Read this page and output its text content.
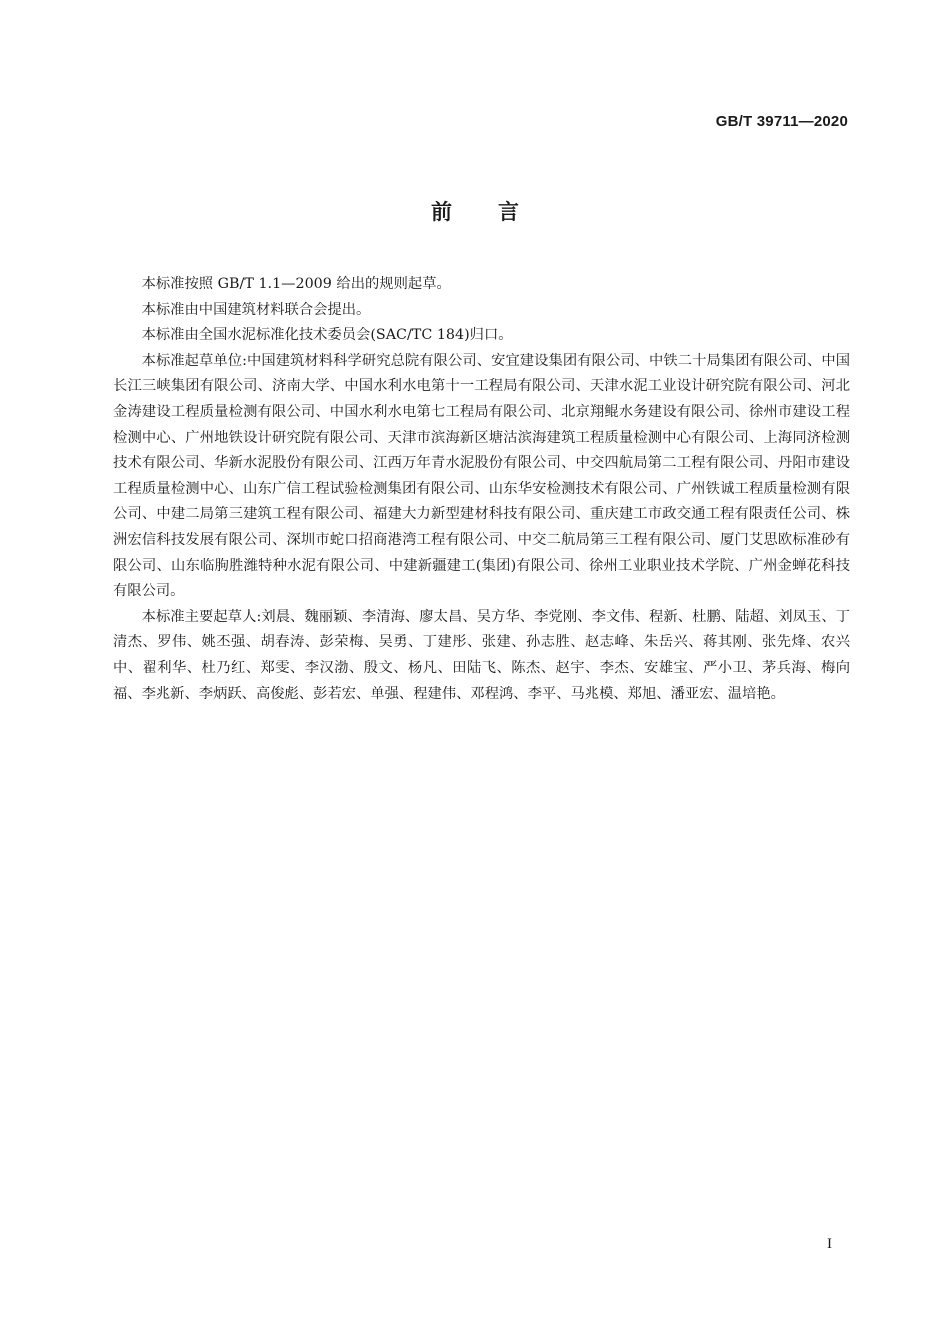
GB/T 39711—2020
前言

本标准按照 GB/T 1.1—2009 给出的规则起草。

本标准由中国建筑材料联合会提出。

本标准由全国水泥标准化技术委员会(SAC/TC 184)归口。

本标准起草单位:中国建筑材料科学研究总院有限公司、安宜建设集团有限公司、中铁二十局集团有限公司、中国长江三峡集团有限公司、济南大学、中国水利水电第十一工程局有限公司、天津水泥工业设计研究院有限公司、河北金涛建设工程质量检测有限公司、中国水利水电第七工程局有限公司、北京翔鲲水务建设有限公司、徐州市建设工程检测中心、广州地铁设计研究院有限公司、天津市滨海新区塘沽滨海建筑工程质量检测中心有限公司、上海同济检测技术有限公司、华新水泥股份有限公司、江西万年青水泥股份有限公司、中交四航局第二工程有限公司、丹阳市建设工程质量检测中心、山东广信工程试验检测集团有限公司、山东华安检测技术有限公司、广州铁诚工程质量检测有限公司、中建二局第三建筑工程有限公司、福建大力新型建材科技有限公司、重庆建工市政交通工程有限责任公司、株洲宏信科技发展有限公司、深圳市蛇口招商港湾工程有限公司、中交二航局第三工程有限公司、厦门艾思欧标准砂有限公司、山东临朐胜潍特种水泥有限公司、中建新疆建工(集团)有限公司、徐州工业职业技术学院、广州金蝉花科技有限公司。

本标准主要起草人:刘晨、魏丽颖、李清海、廖太昌、吴方华、李党刚、李文伟、程新、杜鹏、陆超、刘凤玉、丁清杰、罗伟、姚丕强、胡春涛、彭荣梅、吴勇、丁建彤、张建、孙志胜、赵志峰、朱岳兴、蒋其刚、张先烽、农兴中、翟利华、杜乃红、郑雯、李汉渤、殷文、杨凡、田陆飞、陈杰、赵宇、李杰、安雄宝、严小卫、茅兵海、梅向福、李兆新、李炳跃、高俊彪、彭若宏、单强、程建伟、邓程鸿、李平、马兆模、郑旭、潘亚宏、温培艳。

I
